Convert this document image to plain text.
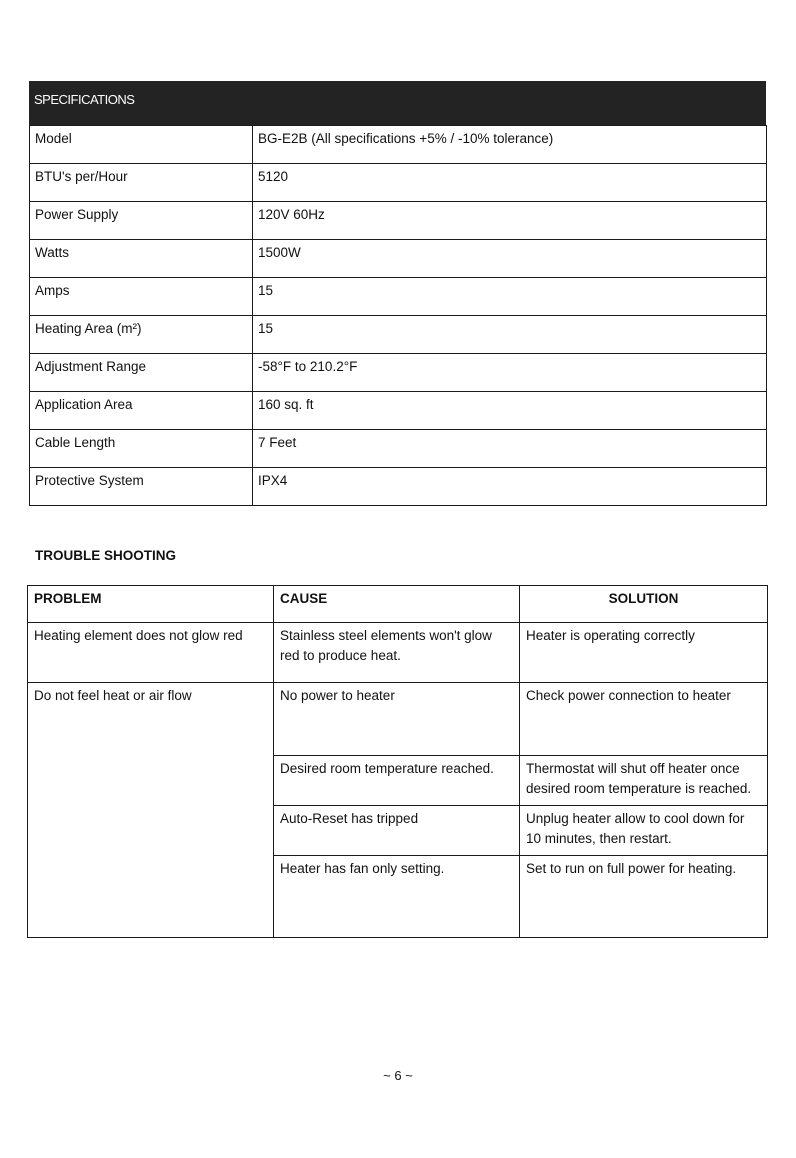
SPECIFICATIONS
Model	BG-E2B (All specifications +5% / -10% tolerance)
BTU's per/Hour	5120
Power Supply	120V 60Hz
Watts	1500W
Amps	15
Heating Area (m²)	15
Adjustment Range	-58°F to 210.2°F
Application Area	160 sq. ft
Cable Length	7 Feet
Protective System	IPX4
TROUBLE SHOOTING
PROBLEM	CAUSE	SOLUTION
Heating element does not glow red	Stainless steel elements won't glow red to produce heat.	Heater is operating correctly
Do not feel heat or air flow	No power to heater	Check power connection to heater
	Desired room temperature reached.	Thermostat will shut off heater once desired room temperature is reached.
	Auto-Reset has tripped	Unplug heater allow to cool down for 10 minutes, then restart.
	Heater has fan only setting.	Set to run on full power for heating.
~ 6 ~
